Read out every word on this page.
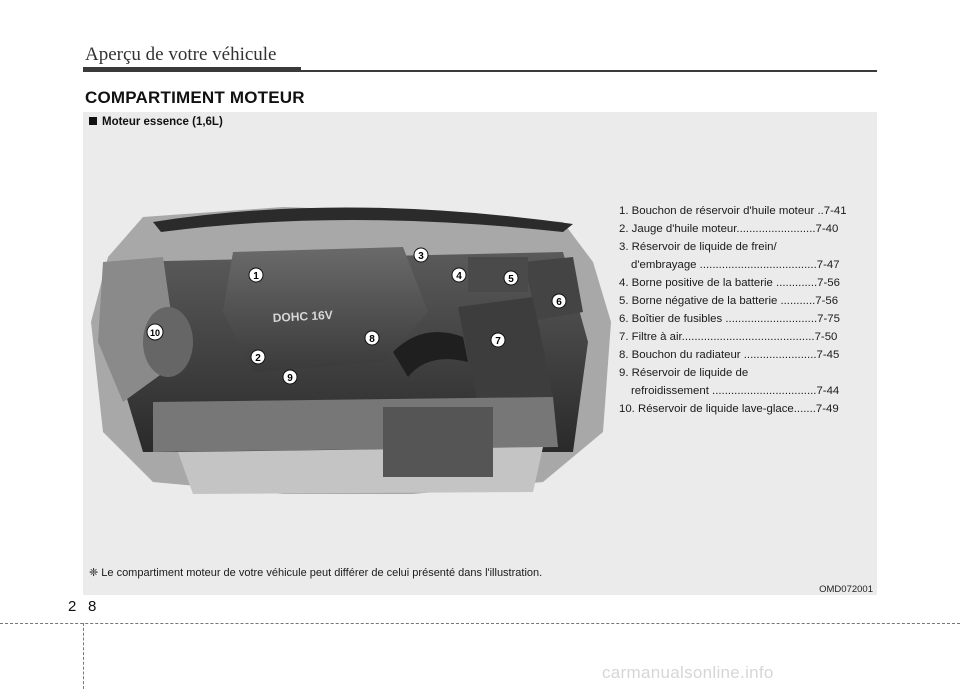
Aperçu de votre véhicule
COMPARTIMENT MOTEUR
Moteur essence (1,6L)
DOHC 16V
1
2
3
4	5
6
7
8
9
10
1. Bouchon de réservoir d'huile moteur ..7-41
2. Jauge d'huile moteur.........................7-40
3. Réservoir de liquide de frein/
d'embrayage .....................................7-47
4. Borne positive de la batterie .............7-56
5. Borne négative de la batterie ...........7-56
6. Boîtier de fusibles .............................7-75
7. Filtre à air..........................................7-50
8. Bouchon du radiateur .......................7-45
9. Réservoir de liquide de
refroidissement .................................7-44
10. Réservoir de liquide lave-glace.......7-49
❈ Le compartiment moteur de votre véhicule peut différer de celui présenté dans l'illustration.
OMD072001
2 8
carmanualsonline.info
